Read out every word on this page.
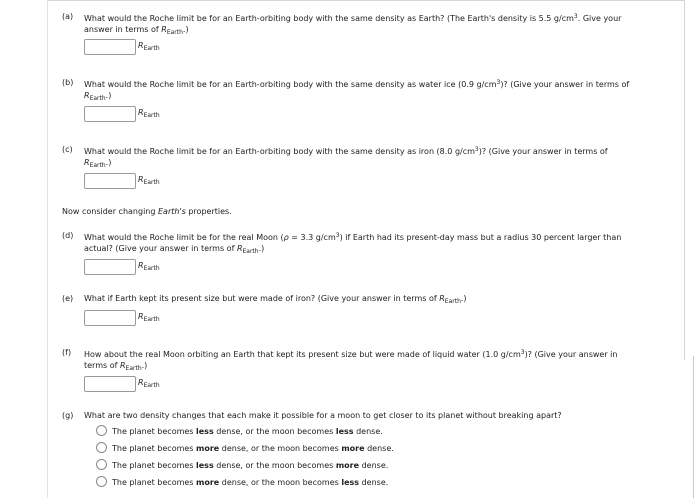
(a) What would the Roche limit be for an Earth-orbiting body with the same density as Earth? (The Earth's density is 5.5 $g/cm^3$. Give your
answer in terms of $R_{Earth}$.)
$R_{Earth}$
(b) What would the Roche limit be for an Earth-orbiting body with the same density as water ice (0.9 $g/cm^3$)? (Give your answer in terms of
$R_{Earth}$.)
$R_{Earth}$
(c) What would the Roche limit be for an Earth-orbiting body with the same density as iron (8.0 $g/cm^3$)? (Give your answer in terms of
$R_{Earth}$.)
$R_{Earth}$
Now consider changing Earth's properties.
(d) What would the Roche limit be for the real Moon (ρ = 3.3 $g/cm^3$) if Earth had its present-day mass but a radius 30 percent larger than
actual? (Give your answer in terms of $R_{Earth}$.)
$R_{Earth}$
(e) What if Earth kept its present size but were made of iron? (Give your answer in terms of $R_{Earth}$.)
$R_{Earth}$
(f) How about the real Moon orbiting an Earth that kept its present size but were made of liquid water (1.0 $g/cm^3$)? (Give your answer in
terms of $R_{Earth}$.)
$R_{Earth}$
(g) What are two density changes that each make it possible for a moon to get closer to its planet without breaking apart?
The planet becomes less dense, or the moon becomes less dense.
The planet becomes more dense, or the moon becomes more dense.
The planet becomes less dense, or the moon becomes more dense.
The planet becomes more dense, or the moon becomes less dense.
